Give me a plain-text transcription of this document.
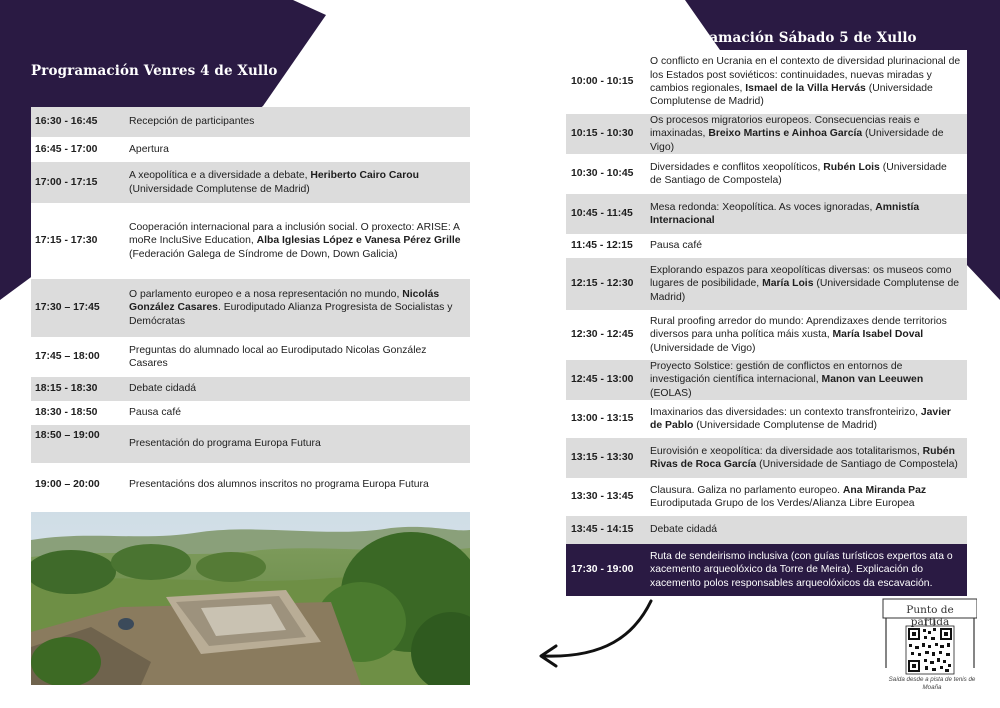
Programación Venres 4 de Xullo
Programación Sábado 5 de Xullo
16:30 - 16:45	Recepción de participantes
16:45 - 17:00	Apertura
17:00 - 17:15	A xeopolítica e a diversidade a debate, Heriberto Cairo Carou (Universidade Complutense de Madrid)
17:15 - 17:30	Cooperación internacional para a inclusión social. O proxecto: ARISE: A moRe IncluSive Education, Alba Iglesias López e Vanesa Pérez Grille (Federación Galega de Síndrome de Down, Down Galicia)
17:30 – 17:45	O parlamento europeo e a nosa representación no mundo, Nicolás González Casares. Eurodiputado Alianza Progresista de Socialistas y Demócratas
17:45 – 18:00	Preguntas do alumnado local ao Eurodiputado Nicolas González Casares
18:15 - 18:30	Debate cidadá
18:30 - 18:50	Pausa café
18:50 – 19:00	Presentación do programa Europa Futura
19:00 – 20:00	Presentacións dos alumnos inscritos no programa Europa Futura
10:00 - 10:15	O conflicto en Ucrania en el contexto de diversidad plurinacional de los Estados post soviéticos: continuidades, nuevas miradas y cambios regionales, Ismael de la Villa Hervás (Universidade Complutense de Madrid)
10:15 - 10:30	Os procesos migratorios europeos. Consecuencias reais e imaxinadas, Breixo Martins e Ainhoa García (Universidade de Vigo)
10:30 - 10:45	Diversidades e conflitos xeopolíticos, Rubén Lois (Universidade de Santiago de Compostela)
10:45 - 11:45	Mesa redonda: Xeopolítica. As voces ignoradas, Amnistía Internacional
11:45 - 12:15	Pausa café
12:15 - 12:30	Explorando espazos para xeopolíticas diversas: os museos como lugares de posibilidade, María Lois (Universidade Complutense de Madrid)
12:30 - 12:45	Rural proofing arredor do mundo: Aprendizaxes dende territorios diversos para unha política máis xusta, María Isabel Doval (Universidade de Vigo)
12:45 - 13:00	Proyecto Solstice: gestión de conflictos en entornos de investigación científica internacional, Manon van Leeuwen (EOLAS)
13:00 - 13:15	Imaxinarios das diversidades: un contexto transfronteirizo, Javier de Pablo (Universidade Complutense de Madrid)
13:15 - 13:30	Eurovisión e xeopolítica: da diversidade aos totalitarismos, Rubén Rivas de Roca García (Universidade de Santiago de Compostela)
13:30 - 13:45	Clausura. Galiza no parlamento europeo. Ana Miranda Paz Eurodiputada Grupo de los Verdes/Alianza Libre Europea
13:45 - 14:15	Debate cidadá
17:30 - 19:00	Ruta de sendeirismo inclusiva (con guías turísticos expertos ata o xacemento arqueolóxico da Torre de Meira). Explicación do xacemento polos responsables arqueolóxicos da escavación.
Punto de partida
Saída desde a pista de tenis de Moaña
